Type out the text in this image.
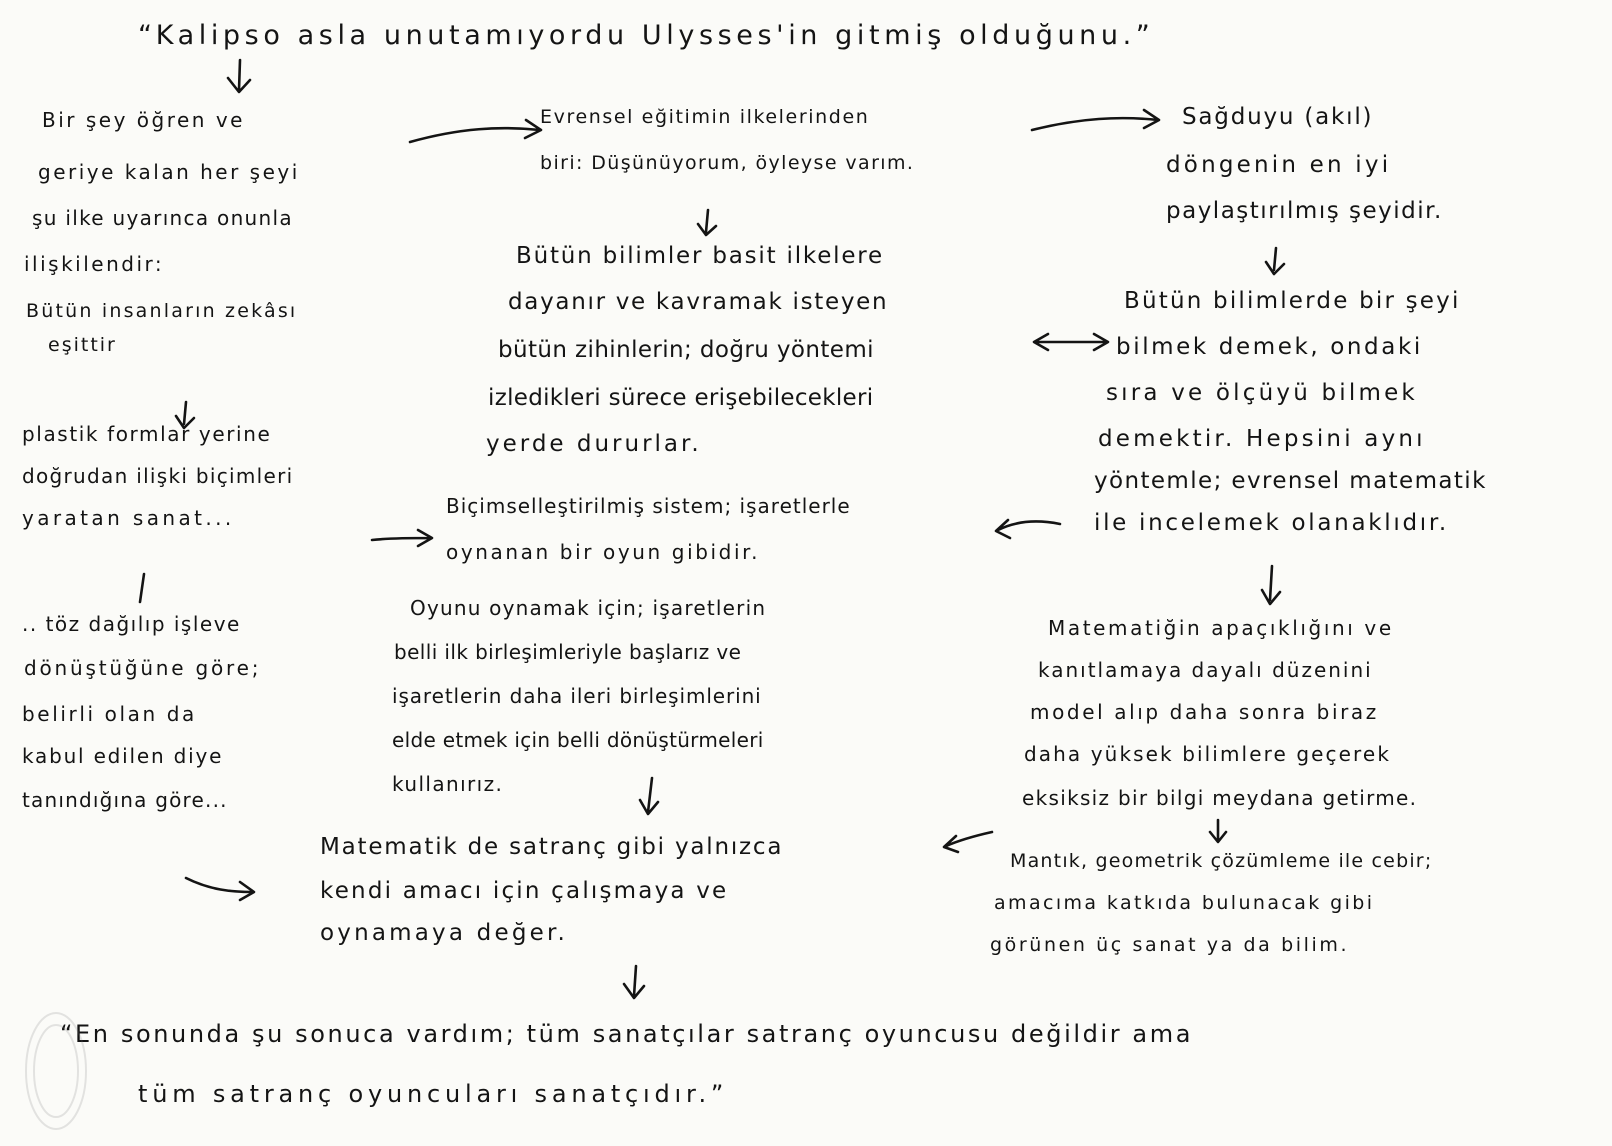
“Kalipso asla unutamıyordu Ulysses'in gitmiş olduğunu.”
Bir şey öğren ve
geriye kalan her şeyi
şu ilke uyarınca onunla
ilişkilendir:
Bütün insanların zekâsı
eşittir
plastik formlar yerine
doğrudan ilişki biçimleri
yaratan sanat...
.. töz dağılıp işleve
dönüştüğüne göre;
belirli olan da
kabul edilen diye
tanındığına göre...
Evrensel eğitimin ilkelerinden
biri: Düşünüyorum, öyleyse varım.
Bütün bilimler basit ilkelere
dayanır ve kavramak isteyen
bütün zihinlerin; doğru yöntemi
izledikleri sürece erişebilecekleri
yerde dururlar.
Biçimselleştirilmiş sistem; işaretlerle
oynanan bir oyun gibidir.
Oyunu oynamak için; işaretlerin
belli ilk birleşimleriyle başlarız ve
işaretlerin daha ileri birleşimlerini
elde etmek için belli dönüştürmeleri
kullanırız.
Matematik de satranç gibi yalnızca
kendi amacı için çalışmaya ve
oynamaya değer.
Sağduyu (akıl)
döngenin en iyi
paylaştırılmış şeyidir.
Bütün bilimlerde bir şeyi
bilmek demek, ondaki
sıra ve ölçüyü bilmek
demektir. Hepsini aynı
yöntemle; evrensel matematik
ile incelemek olanaklıdır.
Matematiğin apaçıklığını ve
kanıtlamaya dayalı düzenini
model alıp daha sonra biraz
daha yüksek bilimlere geçerek
eksiksiz bir bilgi meydana getirme.
Mantık, geometrik çözümleme ile cebir;
amacıma katkıda bulunacak gibi
görünen üç sanat ya da bilim.
“En sonunda şu sonuca vardım; tüm sanatçılar satranç oyuncusu değildir ama
tüm satranç oyuncuları sanatçıdır.”
